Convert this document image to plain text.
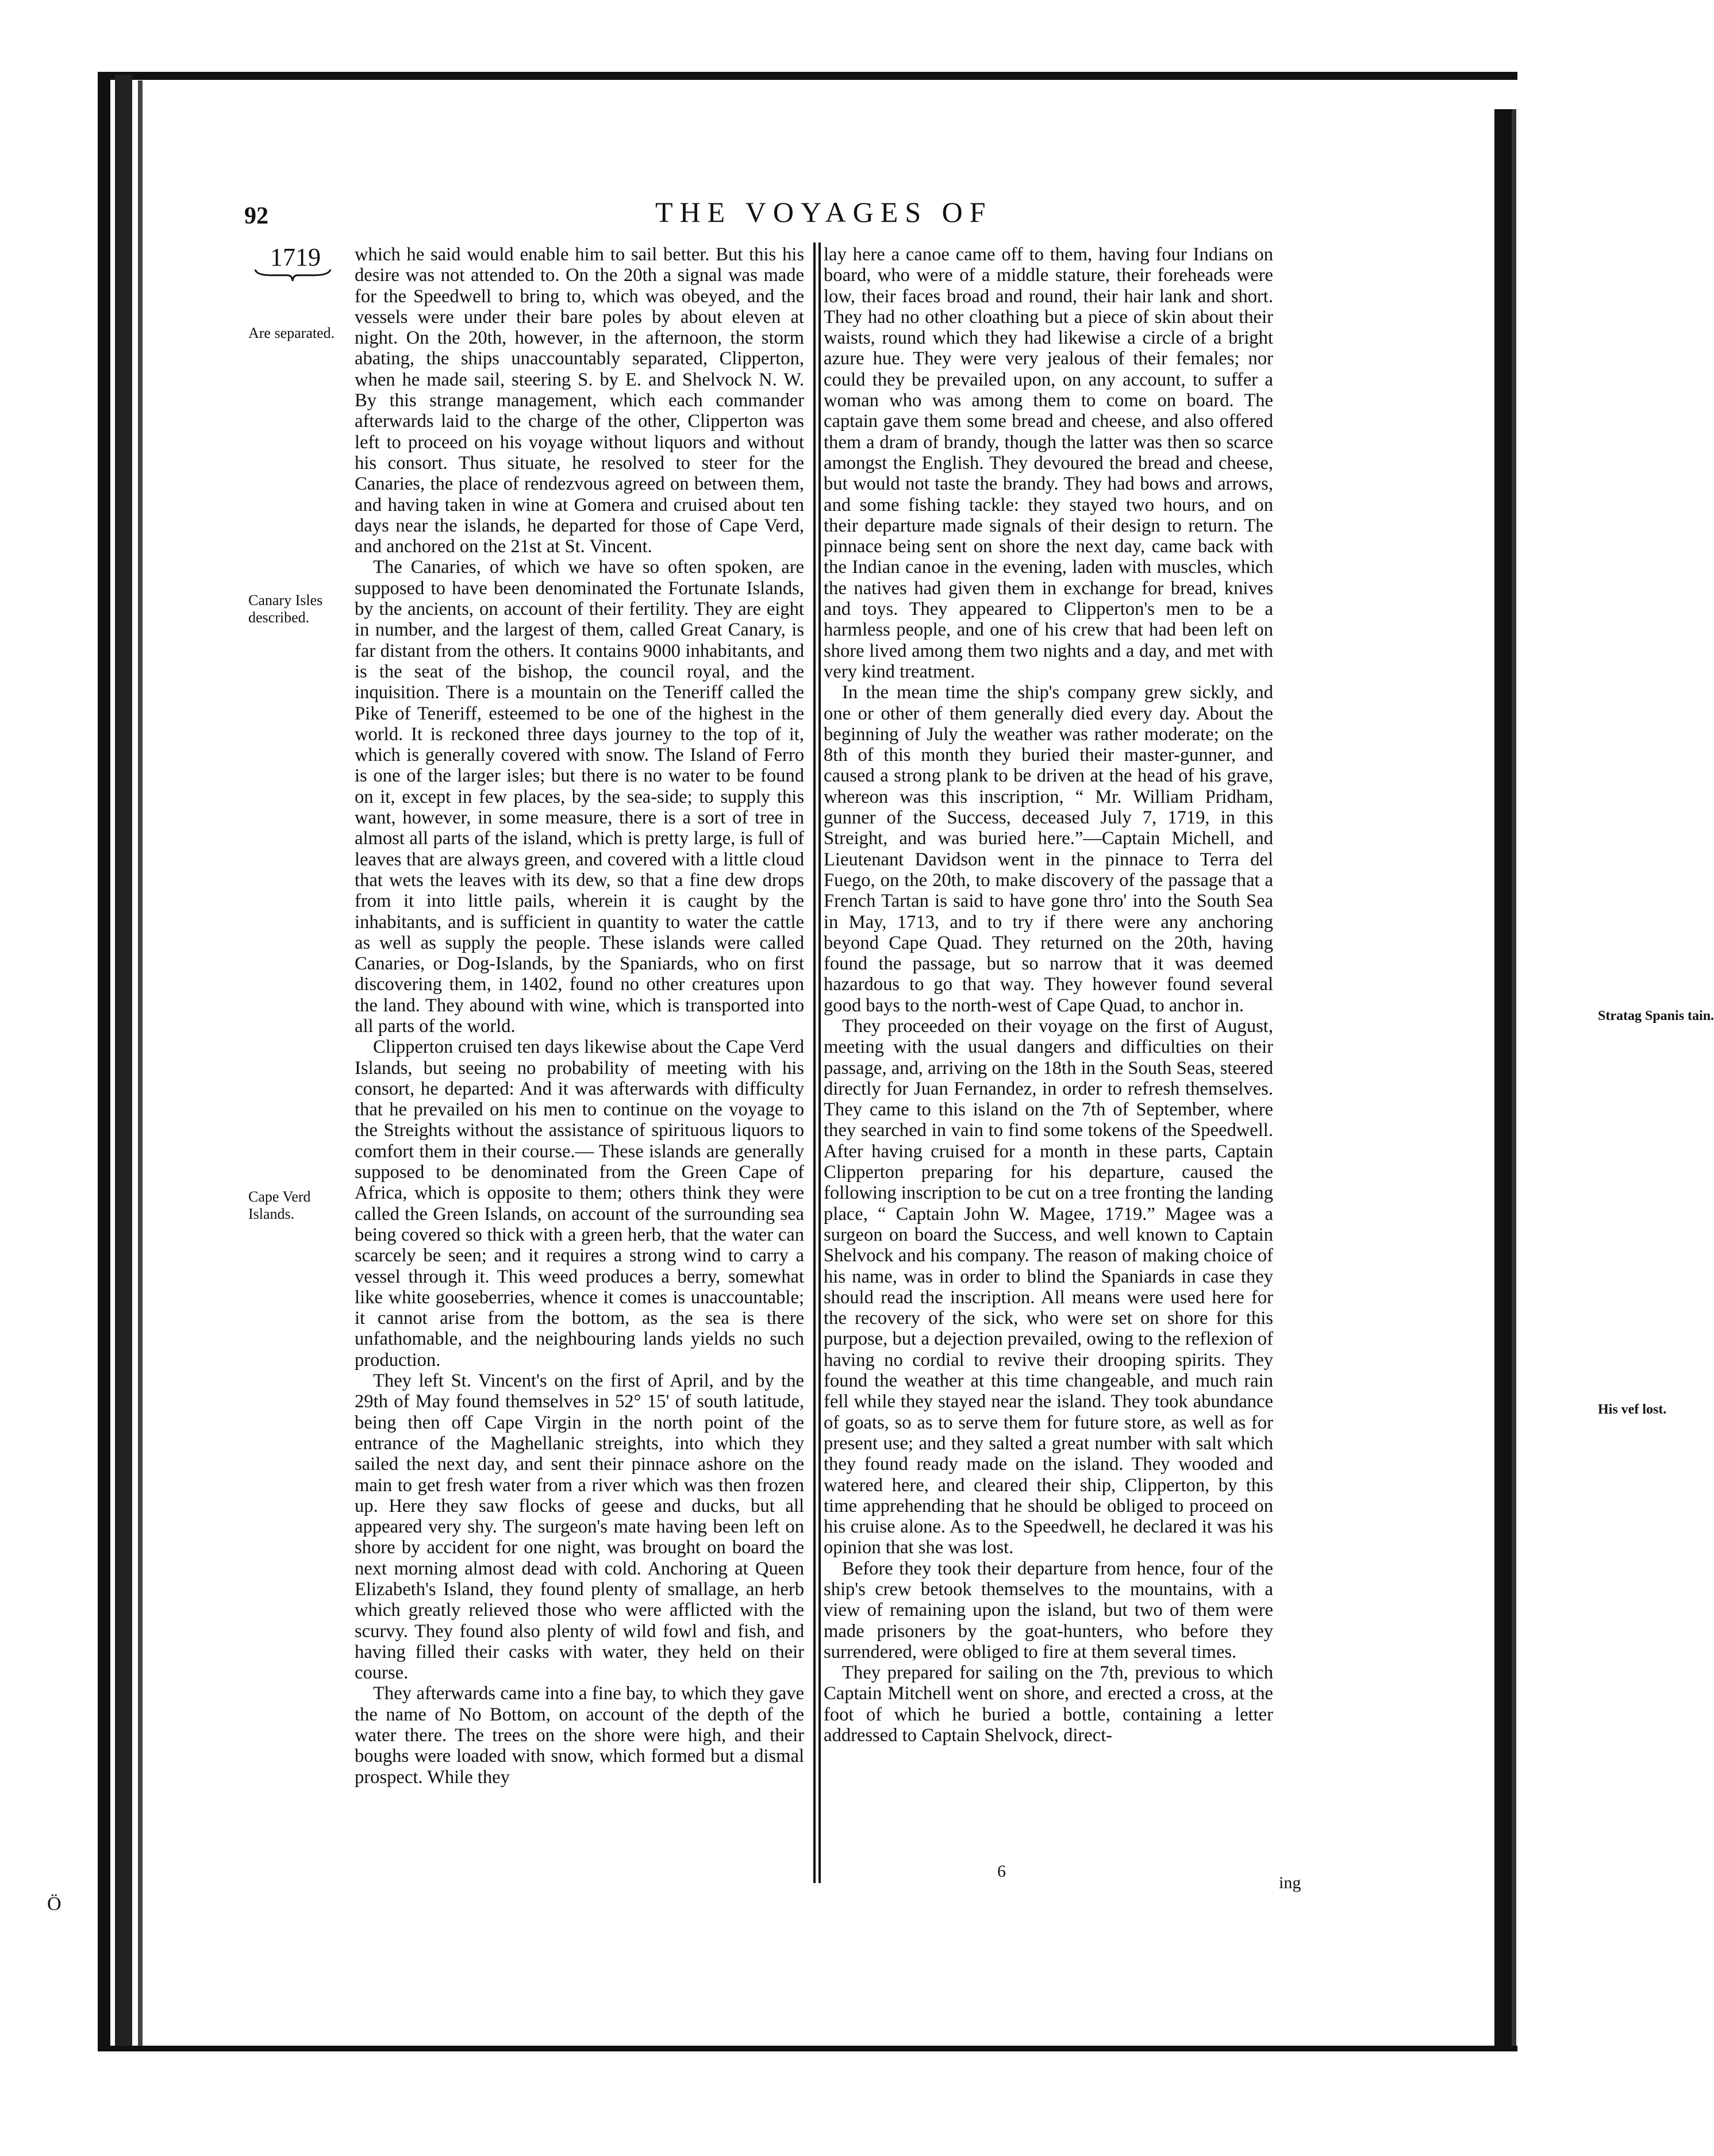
Ö
92	THE VOYAGES OF
1719
Are separated.
Canary Isles described.
Cape Verd Islands.

which he said would enable him to sail better. But this his desire was not attended to. On the 20th a signal was made for the Speedwell to bring to, which was obeyed, and the vessels were under their bare poles by about eleven at night. On the 20th, however, in the afternoon, the storm abating, the ships unaccountably separated, Clipperton, when he made sail, steering S. by E. and Shelvock N. W. By this strange management, which each commander afterwards laid to the charge of the other, Clipperton was left to proceed on his voyage without liquors and without his consort. Thus situate, he resolved to steer for the Canaries, the place of rendezvous agreed on between them, and having taken in wine at Gomera and cruised about ten days near the islands, he departed for those of Cape Verd, and anchored on the 21st at St. Vincent.

The Canaries, of which we have so often spoken, are supposed to have been denominated the Fortunate Islands, by the ancients, on account of their fertility. They are eight in number, and the largest of them, called Great Canary, is far distant from the others. It contains 9000 inhabitants, and is the seat of the bishop, the council royal, and the inquisition. There is a mountain on the Teneriff called the Pike of Teneriff, esteemed to be one of the highest in the world. It is reckoned three days journey to the top of it, which is generally covered with snow. The Island of Ferro is one of the larger isles; but there is no water to be found on it, except in few places, by the sea-side; to supply this want, however, in some measure, there is a sort of tree in almost all parts of the island, which is pretty large, is full of leaves that are always green, and covered with a little cloud that wets the leaves with its dew, so that a fine dew drops from it into little pails, wherein it is caught by the inhabitants, and is sufficient in quantity to water the cattle as well as supply the people. These islands were called Canaries, or Dog-Islands, by the Spaniards, who on first discovering them, in 1402, found no other creatures upon the land. They abound with wine, which is transported into all parts of the world.

Clipperton cruised ten days likewise about the Cape Verd Islands, but seeing no probability of meeting with his consort, he departed: And it was afterwards with difficulty that he prevailed on his men to continue on the voyage to the Streights without the assistance of spirituous liquors to comfort them in their course.— These islands are generally supposed to be denominated from the Green Cape of Africa, which is opposite to them; others think they were called the Green Islands, on account of the surrounding sea being covered so thick with a green herb, that the water can scarcely be seen; and it requires a strong wind to carry a vessel through it. This weed produces a berry, somewhat like white gooseberries, whence it comes is unaccountable; it cannot arise from the bottom, as the sea is there unfathomable, and the neighbouring lands yields no such production.

They left St. Vincent's on the first of April, and by the 29th of May found themselves in 52° 15' of south latitude, being then off Cape Virgin in the north point of the entrance of the Maghellanic streights, into which they sailed the next day, and sent their pinnace ashore on the main to get fresh water from a river which was then frozen up. Here they saw flocks of geese and ducks, but all appeared very shy. The surgeon's mate having been left on shore by accident for one night, was brought on board the next morning almost dead with cold. Anchoring at Queen Elizabeth's Island, they found plenty of smallage, an herb which greatly relieved those who were afflicted with the scurvy. They found also plenty of wild fowl and fish, and having filled their casks with water, they held on their course.

They afterwards came into a fine bay, to which they gave the name of No Bottom, on account of the depth of the water there. The trees on the shore were high, and their boughs were loaded with snow, which formed but a dismal prospect. While they

lay here a canoe came off to them, having four Indians on board, who were of a middle stature, their foreheads were low, their faces broad and round, their hair lank and short. They had no other cloathing but a piece of skin about their waists, round which they had likewise a circle of a bright azure hue. They were very jealous of their females; nor could they be prevailed upon, on any account, to suffer a woman who was among them to come on board. The captain gave them some bread and cheese, and also offered them a dram of brandy, though the latter was then so scarce amongst the English. They devoured the bread and cheese, but would not taste the brandy. They had bows and arrows, and some fishing tackle: they stayed two hours, and on their departure made signals of their design to return. The pinnace being sent on shore the next day, came back with the Indian canoe in the evening, laden with muscles, which the natives had given them in exchange for bread, knives and toys. They appeared to Clipperton's men to be a harmless people, and one of his crew that had been left on shore lived among them two nights and a day, and met with very kind treatment.

In the mean time the ship's company grew sickly, and one or other of them generally died every day. About the beginning of July the weather was rather moderate; on the 8th of this month they buried their master-gunner, and caused a strong plank to be driven at the head of his grave, whereon was this inscription, “ Mr. William Pridham, gunner of the Success, deceased July 7, 1719, in this Streight, and was buried here.”—Captain Michell, and Lieutenant Davidson went in the pinnace to Terra del Fuego, on the 20th, to make discovery of the passage that a French Tartan is said to have gone thro' into the South Sea in May, 1713, and to try if there were any anchoring beyond Cape Quad. They returned on the 20th, having found the passage, but so narrow that it was deemed hazardous to go that way. They however found several good bays to the north-west of Cape Quad, to anchor in.

They proceeded on their voyage on the first of August, meeting with the usual dangers and difficulties on their passage, and, arriving on the 18th in the South Seas, steered directly for Juan Fernandez, in order to refresh themselves. They came to this island on the 7th of September, where they searched in vain to find some tokens of the Speedwell. After having cruised for a month in these parts, Captain Clipperton preparing for his departure, caused the following inscription to be cut on a tree fronting the landing place, “ Captain John W. Magee, 1719.” Magee was a surgeon on board the Success, and well known to Captain Shelvock and his company. The reason of making choice of his name, was in order to blind the Spaniards in case they should read the inscription. All means were used here for the recovery of the sick, who were set on shore for this purpose, but a dejection prevailed, owing to the reflexion of having no cordial to revive their drooping spirits. They found the weather at this time changeable, and much rain fell while they stayed near the island. They took abundance of goats, so as to serve them for future store, as well as for present use; and they salted a great number with salt which they found ready made on the island. They wooded and watered here, and cleared their ship, Clipperton, by this time apprehending that he should be obliged to proceed on his cruise alone. As to the Speedwell, he declared it was his opinion that she was lost.

Before they took their departure from hence, four of the ship's crew betook themselves to the mountains, with a view of remaining upon the island, but two of them were made prisoners by the goat-hunters, who before they surrendered, were obliged to fire at them several times.

They prepared for sailing on the 7th, previous to which Captain Mitchell went on shore, and erected a cross, at the foot of which he buried a bottle, containing a letter addressed to Captain Shelvock, direct-

6
ing
Stratag Spanis tain.
His vef lost.
